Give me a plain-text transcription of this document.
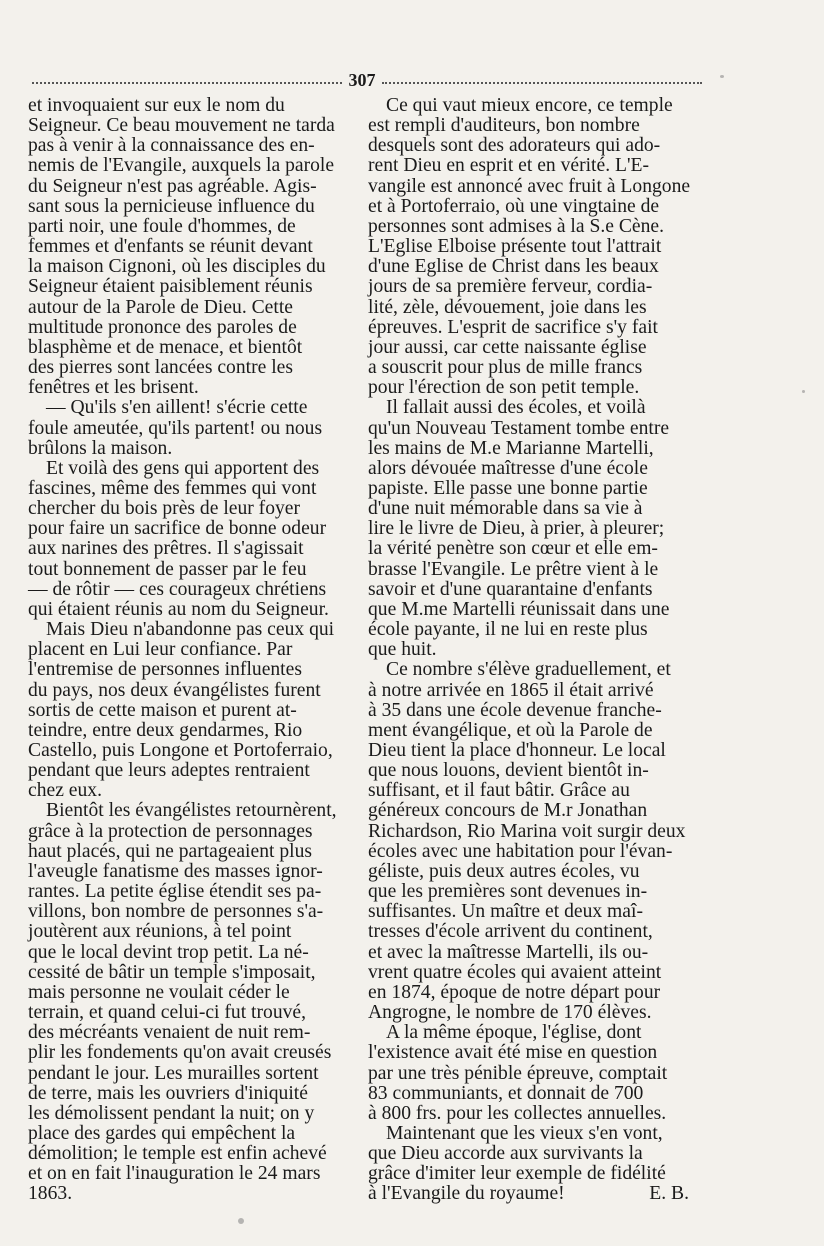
307
et invoquaient sur eux le nom du
Seigneur. Ce beau mouvement ne tarda
pas à venir à la connaissance des en-
nemis de l'Evangile, auxquels la parole
du Seigneur n'est pas agréable. Agis-
sant sous la pernicieuse influence du
parti noir, une foule d'hommes, de
femmes et d'enfants se réunit devant
la maison Cignoni, où les disciples du
Seigneur étaient paisiblement réunis
autour de la Parole de Dieu. Cette
multitude prononce des paroles de
blasphème et de menace, et bientôt
des pierres sont lancées contre les
fenêtres et les brisent.
— Qu'ils s'en aillent! s'écrie cette
foule ameutée, qu'ils partent! ou nous
brûlons la maison.
Et voilà des gens qui apportent des
fascines, même des femmes qui vont
chercher du bois près de leur foyer
pour faire un sacrifice de bonne odeur
aux narines des prêtres. Il s'agissait
tout bonnement de passer par le feu
— de rôtir — ces courageux chrétiens
qui étaient réunis au nom du Seigneur.
Mais Dieu n'abandonne pas ceux qui
placent en Lui leur confiance. Par
l'entremise de personnes influentes
du pays, nos deux évangélistes furent
sortis de cette maison et purent at-
teindre, entre deux gendarmes, Rio
Castello, puis Longone et Portoferraio,
pendant que leurs adeptes rentraient
chez eux.
Bientôt les évangélistes retournèrent,
grâce à la protection de personnages
haut placés, qui ne partageaient plus
l'aveugle fanatisme des masses ignor-
rantes. La petite église étendit ses pa-
villons, bon nombre de personnes s'a-
joutèrent aux réunions, à tel point
que le local devint trop petit. La né-
cessité de bâtir un temple s'imposait,
mais personne ne voulait céder le
terrain, et quand celui-ci fut trouvé,
des mécréants venaient de nuit rem-
plir les fondements qu'on avait creusés
pendant le jour. Les murailles sortent
de terre, mais les ouvriers d'iniquité
les démolissent pendant la nuit; on y
place des gardes qui empêchent la
démolition; le temple est enfin achevé
et on en fait l'inauguration le 24 mars
1863.
Ce qui vaut mieux encore, ce temple
est rempli d'auditeurs, bon nombre
desquels sont des adorateurs qui ado-
rent Dieu en esprit et en vérité. L'E-
vangile est annoncé avec fruit à Longone
et à Portoferraio, où une vingtaine de
personnes sont admises à la S.e Cène.
L'Eglise Elboise présente tout l'attrait
d'une Eglise de Christ dans les beaux
jours de sa première ferveur, cordia-
lité, zèle, dévouement, joie dans les
épreuves. L'esprit de sacrifice s'y fait
jour aussi, car cette naissante église
a souscrit pour plus de mille francs
pour l'érection de son petit temple.
Il fallait aussi des écoles, et voilà
qu'un Nouveau Testament tombe entre
les mains de M.e Marianne Martelli,
alors dévouée maîtresse d'une école
papiste. Elle passe une bonne partie
d'une nuit mémorable dans sa vie à
lire le livre de Dieu, à prier, à pleurer;
la vérité penètre son cœur et elle em-
brasse l'Evangile. Le prêtre vient à le
savoir et d'une quarantaine d'enfants
que M.me Martelli réunissait dans une
école payante, il ne lui en reste plus
que huit.
Ce nombre s'élève graduellement, et
à notre arrivée en 1865 il était arrivé
à 35 dans une école devenue franche-
ment évangélique, et où la Parole de
Dieu tient la place d'honneur. Le local
que nous louons, devient bientôt in-
suffisant, et il faut bâtir. Grâce au
généreux concours de M.r Jonathan
Richardson, Rio Marina voit surgir deux
écoles avec une habitation pour l'évan-
géliste, puis deux autres écoles, vu
que les premières sont devenues in-
suffisantes. Un maître et deux maî-
tresses d'école arrivent du continent,
et avec la maîtresse Martelli, ils ou-
vrent quatre écoles qui avaient atteint
en 1874, époque de notre départ pour
Angrogne, le nombre de 170 élèves.
A la même époque, l'église, dont
l'existence avait été mise en question
par une très pénible épreuve, comptait
83 communiants, et donnait de 700
à 800 frs. pour les collectes annuelles.
Maintenant que les vieux s'en vont,
que Dieu accorde aux survivants la
grâce d'imiter leur exemple de fidélité
à l'Evangile du royaume!	E. B.
